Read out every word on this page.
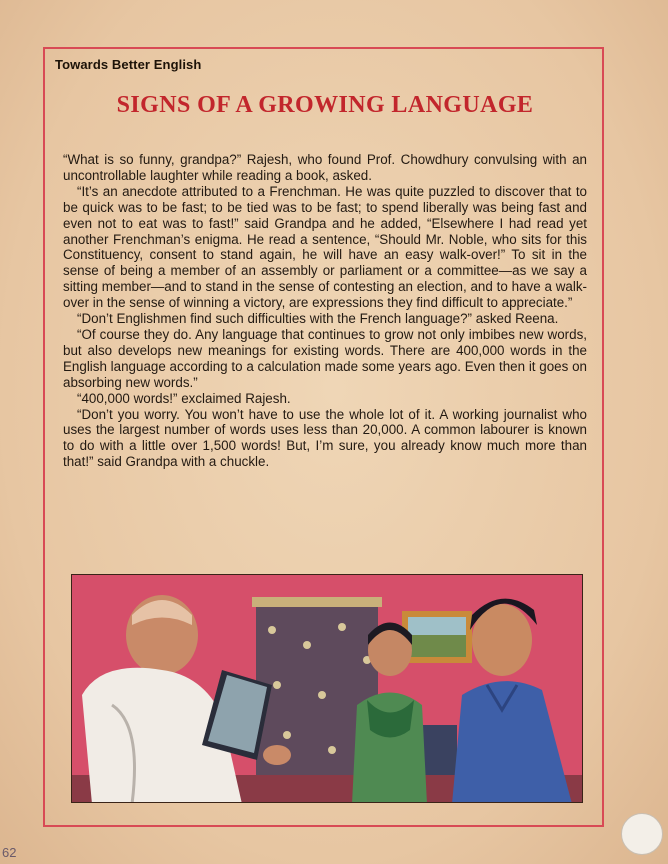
Towards Better English
SIGNS OF A GROWING LANGUAGE

“What is so funny, grandpa?” Rajesh, who found Prof. Chowdhury convulsing with an uncontrollable laughter while reading a book, asked.

“It’s an anecdote attributed to a Frenchman. He was quite puzzled to discover that to be quick was to be fast; to be tied was to be fast; to spend liberally was being fast and even not to eat was to fast!” said Grandpa and he added, “Elsewhere I had read yet another Frenchman’s enigma. He read a sentence, “Should Mr. Noble, who sits for this Constituency, consent to stand again, he will have an easy walk-over!” To sit in the sense of being a member of an assembly or parliament or a committee—as we say a sitting member—and to stand in the sense of contesting an election, and to have a walk-over in the sense of winning a victory, are expressions they find difficult to appreciate.”

“Don’t Englishmen find such difficulties with the French language?” asked Reena.

“Of course they do. Any language that continues to grow not only imbibes new words, but also develops new meanings for existing words. There are 400,000 words in the English language according to a calculation made some years ago. Even then it goes on absorbing new words.”

“400,000 words!” exclaimed Rajesh.

“Don’t you worry. You won’t have to use the whole lot of it. A working journalist who uses the largest number of words uses less than 20,000. A common labourer is known to do with a little over 1,500 words! But, I’m sure, you already know much more than that!” said Grandpa with a chuckle.

62
